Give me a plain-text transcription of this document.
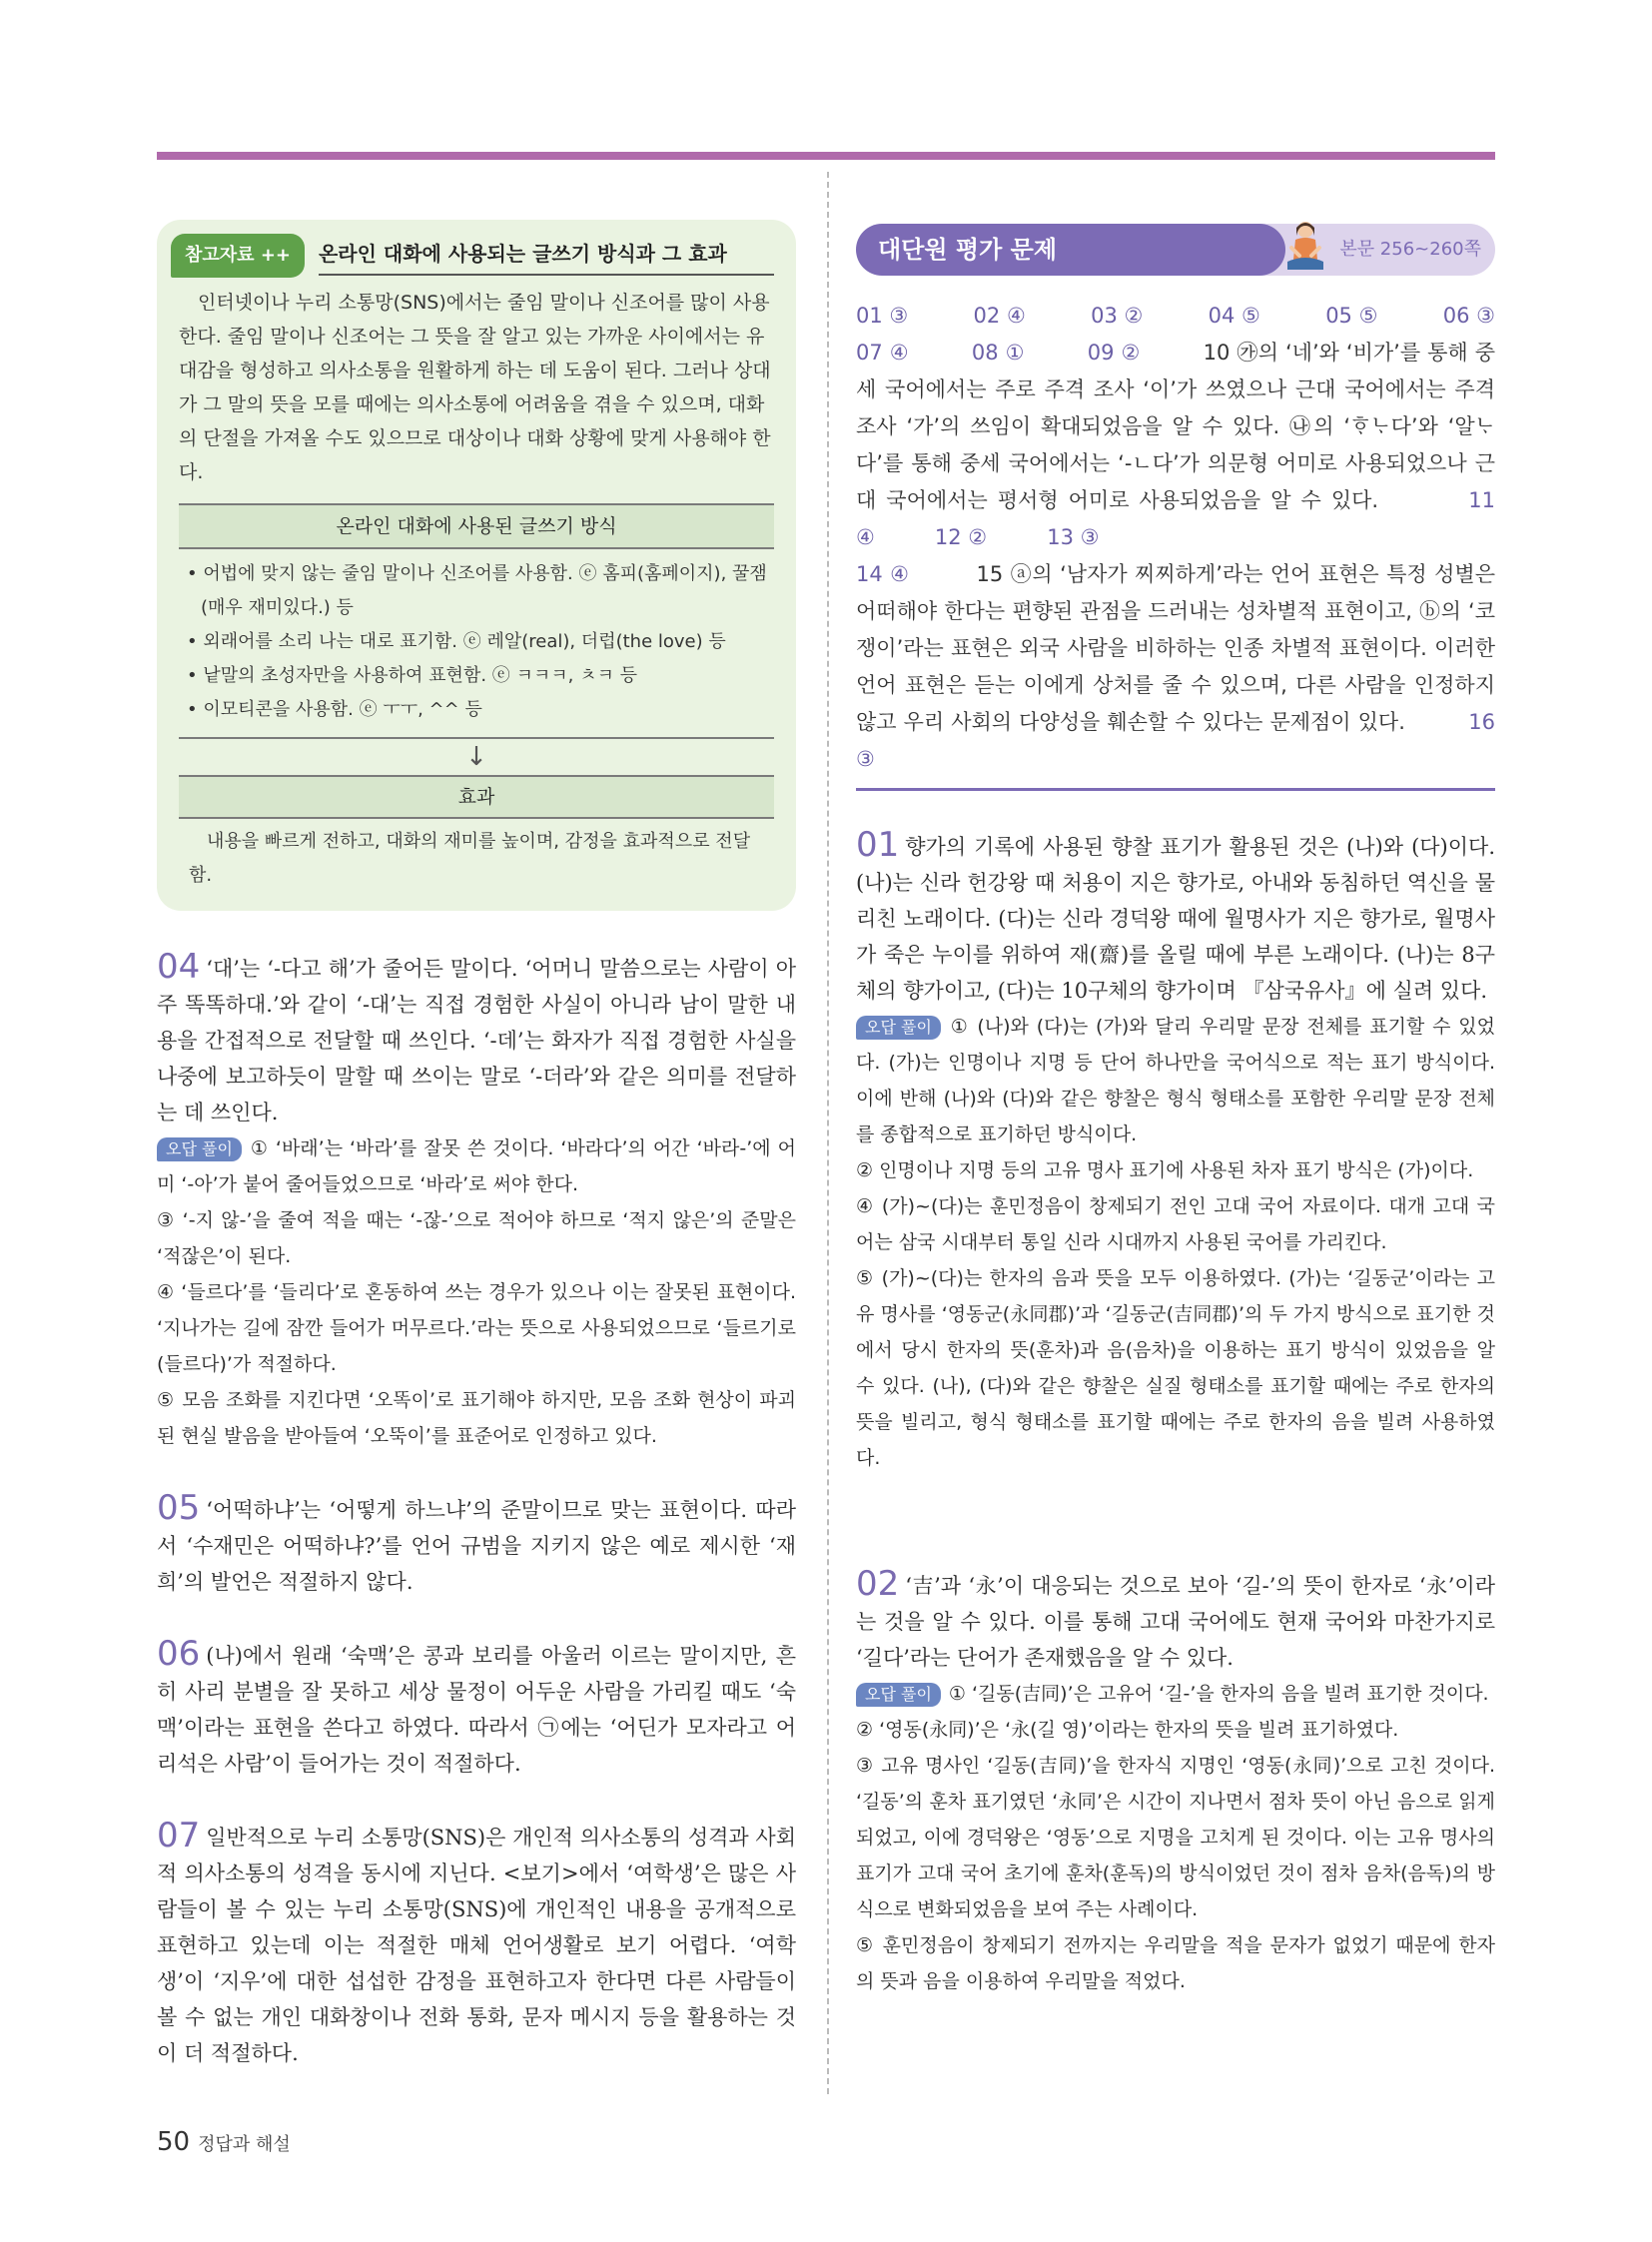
참고자료 ++	온라인 대화에 사용되는 글쓰기 방식과 그 효과

인터넷이나 누리 소통망(SNS)에서는 줄임 말이나 신조어를 많이 사용한다. 줄임 말이나 신조어는 그 뜻을 잘 알고 있는 가까운 사이에서는 유대감을 형성하고 의사소통을 원활하게 하는 데 도움이 된다. 그러나 상대가 그 말의 뜻을 모를 때에는 의사소통에 어려움을 겪을 수 있으며, 대화의 단절을 가져올 수도 있으므로 대상이나 대화 상황에 맞게 사용해야 한다.

온라인 대화에 사용된 글쓰기 방식
• 어법에 맞지 않는 줄임 말이나 신조어를 사용함. ⓔ 홈피(홈페이지), 꿀잼(매우 재미있다.) 등
• 외래어를 소리 나는 대로 표기함. ⓔ 레알(real), 더럽(the love) 등
• 낱말의 초성자만을 사용하여 표현함. ⓔ ㅋㅋㅋ, ㅊㅋ 등
• 이모티콘을 사용함. ⓔ ㅜㅜ, ^^ 등
↓
효과
내용을 빠르게 전하고, 대화의 재미를 높이며, 감정을 효과적으로 전달함.
04 ‘대’는 ‘-다고 해’가 줄어든 말이다. ‘어머니 말씀으로는 사람이 아주 똑똑하대.’와 같이 ‘-대’는 직접 경험한 사실이 아니라 남이 말한 내용을 간접적으로 전달할 때 쓰인다. ‘-데’는 화자가 직접 경험한 사실을 나중에 보고하듯이 말할 때 쓰이는 말로 ‘-더라’와 같은 의미를 전달하는 데 쓰인다.
오답 풀이 ① ‘바래’는 ‘바라’를 잘못 쓴 것이다. ‘바라다’의 어간 ‘바라-’에 어미 ‘-아’가 붙어 줄어들었으므로 ‘바라’로 써야 한다.
③ ‘-지 않-’을 줄여 적을 때는 ‘-잖-’으로 적어야 하므로 ‘적지 않은’의 준말은 ‘적잖은’이 된다.
④ ‘들르다’를 ‘들리다’로 혼동하여 쓰는 경우가 있으나 이는 잘못된 표현이다. ‘지나가는 길에 잠깐 들어가 머무르다.’라는 뜻으로 사용되었으므로 ‘들르기로(들르다)’가 적절하다.
⑤ 모음 조화를 지킨다면 ‘오똑이’로 표기해야 하지만, 모음 조화 현상이 파괴된 현실 발음을 받아들여 ‘오뚝이’를 표준어로 인정하고 있다.
05 ‘어떡하냐’는 ‘어떻게 하느냐’의 준말이므로 맞는 표현이다. 따라서 ‘수재민은 어떡하냐?’를 언어 규범을 지키지 않은 예로 제시한 ‘재희’의 발언은 적절하지 않다.
06 (나)에서 원래 ‘숙맥’은 콩과 보리를 아울러 이르는 말이지만, 흔히 사리 분별을 잘 못하고 세상 물정이 어두운 사람을 가리킬 때도 ‘숙맥’이라는 표현을 쓴다고 하였다. 따라서 ㉠에는 ‘어딘가 모자라고 어리석은 사람’이 들어가는 것이 적절하다.
07 일반적으로 누리 소통망(SNS)은 개인적 의사소통의 성격과 사회적 의사소통의 성격을 동시에 지닌다. <보기>에서 ‘여학생’은 많은 사람들이 볼 수 있는 누리 소통망(SNS)에 개인적인 내용을 공개적으로 표현하고 있는데 이는 적절한 매체 언어생활로 보기 어렵다. ‘여학생’이 ‘지우’에 대한 섭섭한 감정을 표현하고자 한다면 다른 사람들이 볼 수 없는 개인 대화창이나 전화 통화, 문자 메시지 등을 활용하는 것이 더 적절하다.
대단원 평가 문제	본문 256~260쪽
01 ③	02 ④	03 ②	04 ⑤	05 ⑤	06 ③

07 ④	08 ①	09 ②	10 ㉮의 ‘네’와 ‘비가’를 통해 중세 국어에서는 주로 주격 조사 ‘이’가 쓰였으나 근대 국어에서는 주격 조사 ‘가’의 쓰임이 확대되었음을 알 수 있다. ㉯의 ‘ᄒᆞᄂᆞ다’와 ‘알ᄂᆞ다’를 통해 중세 국어에서는 ‘-ㄴ다’가 의문형 어미로 사용되었으나 근대 국어에서는 평서형 어미로 사용되었음을 알 수 있다.	11 ④	12 ②	13 ③

14 ④	15 ⓐ의 ‘남자가 찌찌하게’라는 언어 표현은 특정 성별은 어떠해야 한다는 편향된 관점을 드러내는 성차별적 표현이고, ⓑ의 ‘코쟁이’라는 표현은 외국 사람을 비하하는 인종 차별적 표현이다. 이러한 언어 표현은 듣는 이에게 상처를 줄 수 있으며, 다른 사람을 인정하지 않고 우리 사회의 다양성을 훼손할 수 있다는 문제점이 있다.	16 ③

01 향가의 기록에 사용된 향찰 표기가 활용된 것은 (나)와 (다)이다. (나)는 신라 헌강왕 때 처용이 지은 향가로, 아내와 동침하던 역신을 물리친 노래이다. (다)는 신라 경덕왕 때에 월명사가 지은 향가로, 월명사가 죽은 누이를 위하여 재(齋)를 올릴 때에 부른 노래이다. (나)는 8구체의 향가이고, (다)는 10구체의 향가이며 『삼국유사』에 실려 있다.
오답 풀이 ① (나)와 (다)는 (가)와 달리 우리말 문장 전체를 표기할 수 있었다. (가)는 인명이나 지명 등 단어 하나만을 국어식으로 적는 표기 방식이다. 이에 반해 (나)와 (다)와 같은 향찰은 형식 형태소를 포함한 우리말 문장 전체를 종합적으로 표기하던 방식이다.
② 인명이나 지명 등의 고유 명사 표기에 사용된 차자 표기 방식은 (가)이다.
④ (가)~(다)는 훈민정음이 창제되기 전인 고대 국어 자료이다. 대개 고대 국어는 삼국 시대부터 통일 신라 시대까지 사용된 국어를 가리킨다.
⑤ (가)~(다)는 한자의 음과 뜻을 모두 이용하였다. (가)는 ‘길동군’이라는 고유 명사를 ‘영동군(永同郡)’과 ‘길동군(吉同郡)’의 두 가지 방식으로 표기한 것에서 당시 한자의 뜻(훈차)과 음(음차)을 이용하는 표기 방식이 있었음을 알 수 있다. (나), (다)와 같은 향찰은 실질 형태소를 표기할 때에는 주로 한자의 뜻을 빌리고, 형식 형태소를 표기할 때에는 주로 한자의 음을 빌려 사용하였다.
02 ‘吉’과 ‘永’이 대응되는 것으로 보아 ‘길-’의 뜻이 한자로 ‘永’이라는 것을 알 수 있다. 이를 통해 고대 국어에도 현재 국어와 마찬가지로 ‘길다’라는 단어가 존재했음을 알 수 있다.
오답 풀이 ① ‘길동(吉同)’은 고유어 ‘길-’을 한자의 음을 빌려 표기한 것이다.
② ‘영동(永同)’은 ‘永(길 영)’이라는 한자의 뜻을 빌려 표기하였다.
③ 고유 명사인 ‘길동(吉同)’을 한자식 지명인 ‘영동(永同)’으로 고친 것이다. ‘길동’의 훈차 표기였던 ‘永同’은 시간이 지나면서 점차 뜻이 아닌 음으로 읽게 되었고, 이에 경덕왕은 ‘영동’으로 지명을 고치게 된 것이다. 이는 고유 명사의 표기가 고대 국어 초기에 훈차(훈독)의 방식이었던 것이 점차 음차(음독)의 방식으로 변화되었음을 보여 주는 사례이다.
⑤ 훈민정음이 창제되기 전까지는 우리말을 적을 문자가 없었기 때문에 한자의 뜻과 음을 이용하여 우리말을 적었다.
50 정답과 해설
